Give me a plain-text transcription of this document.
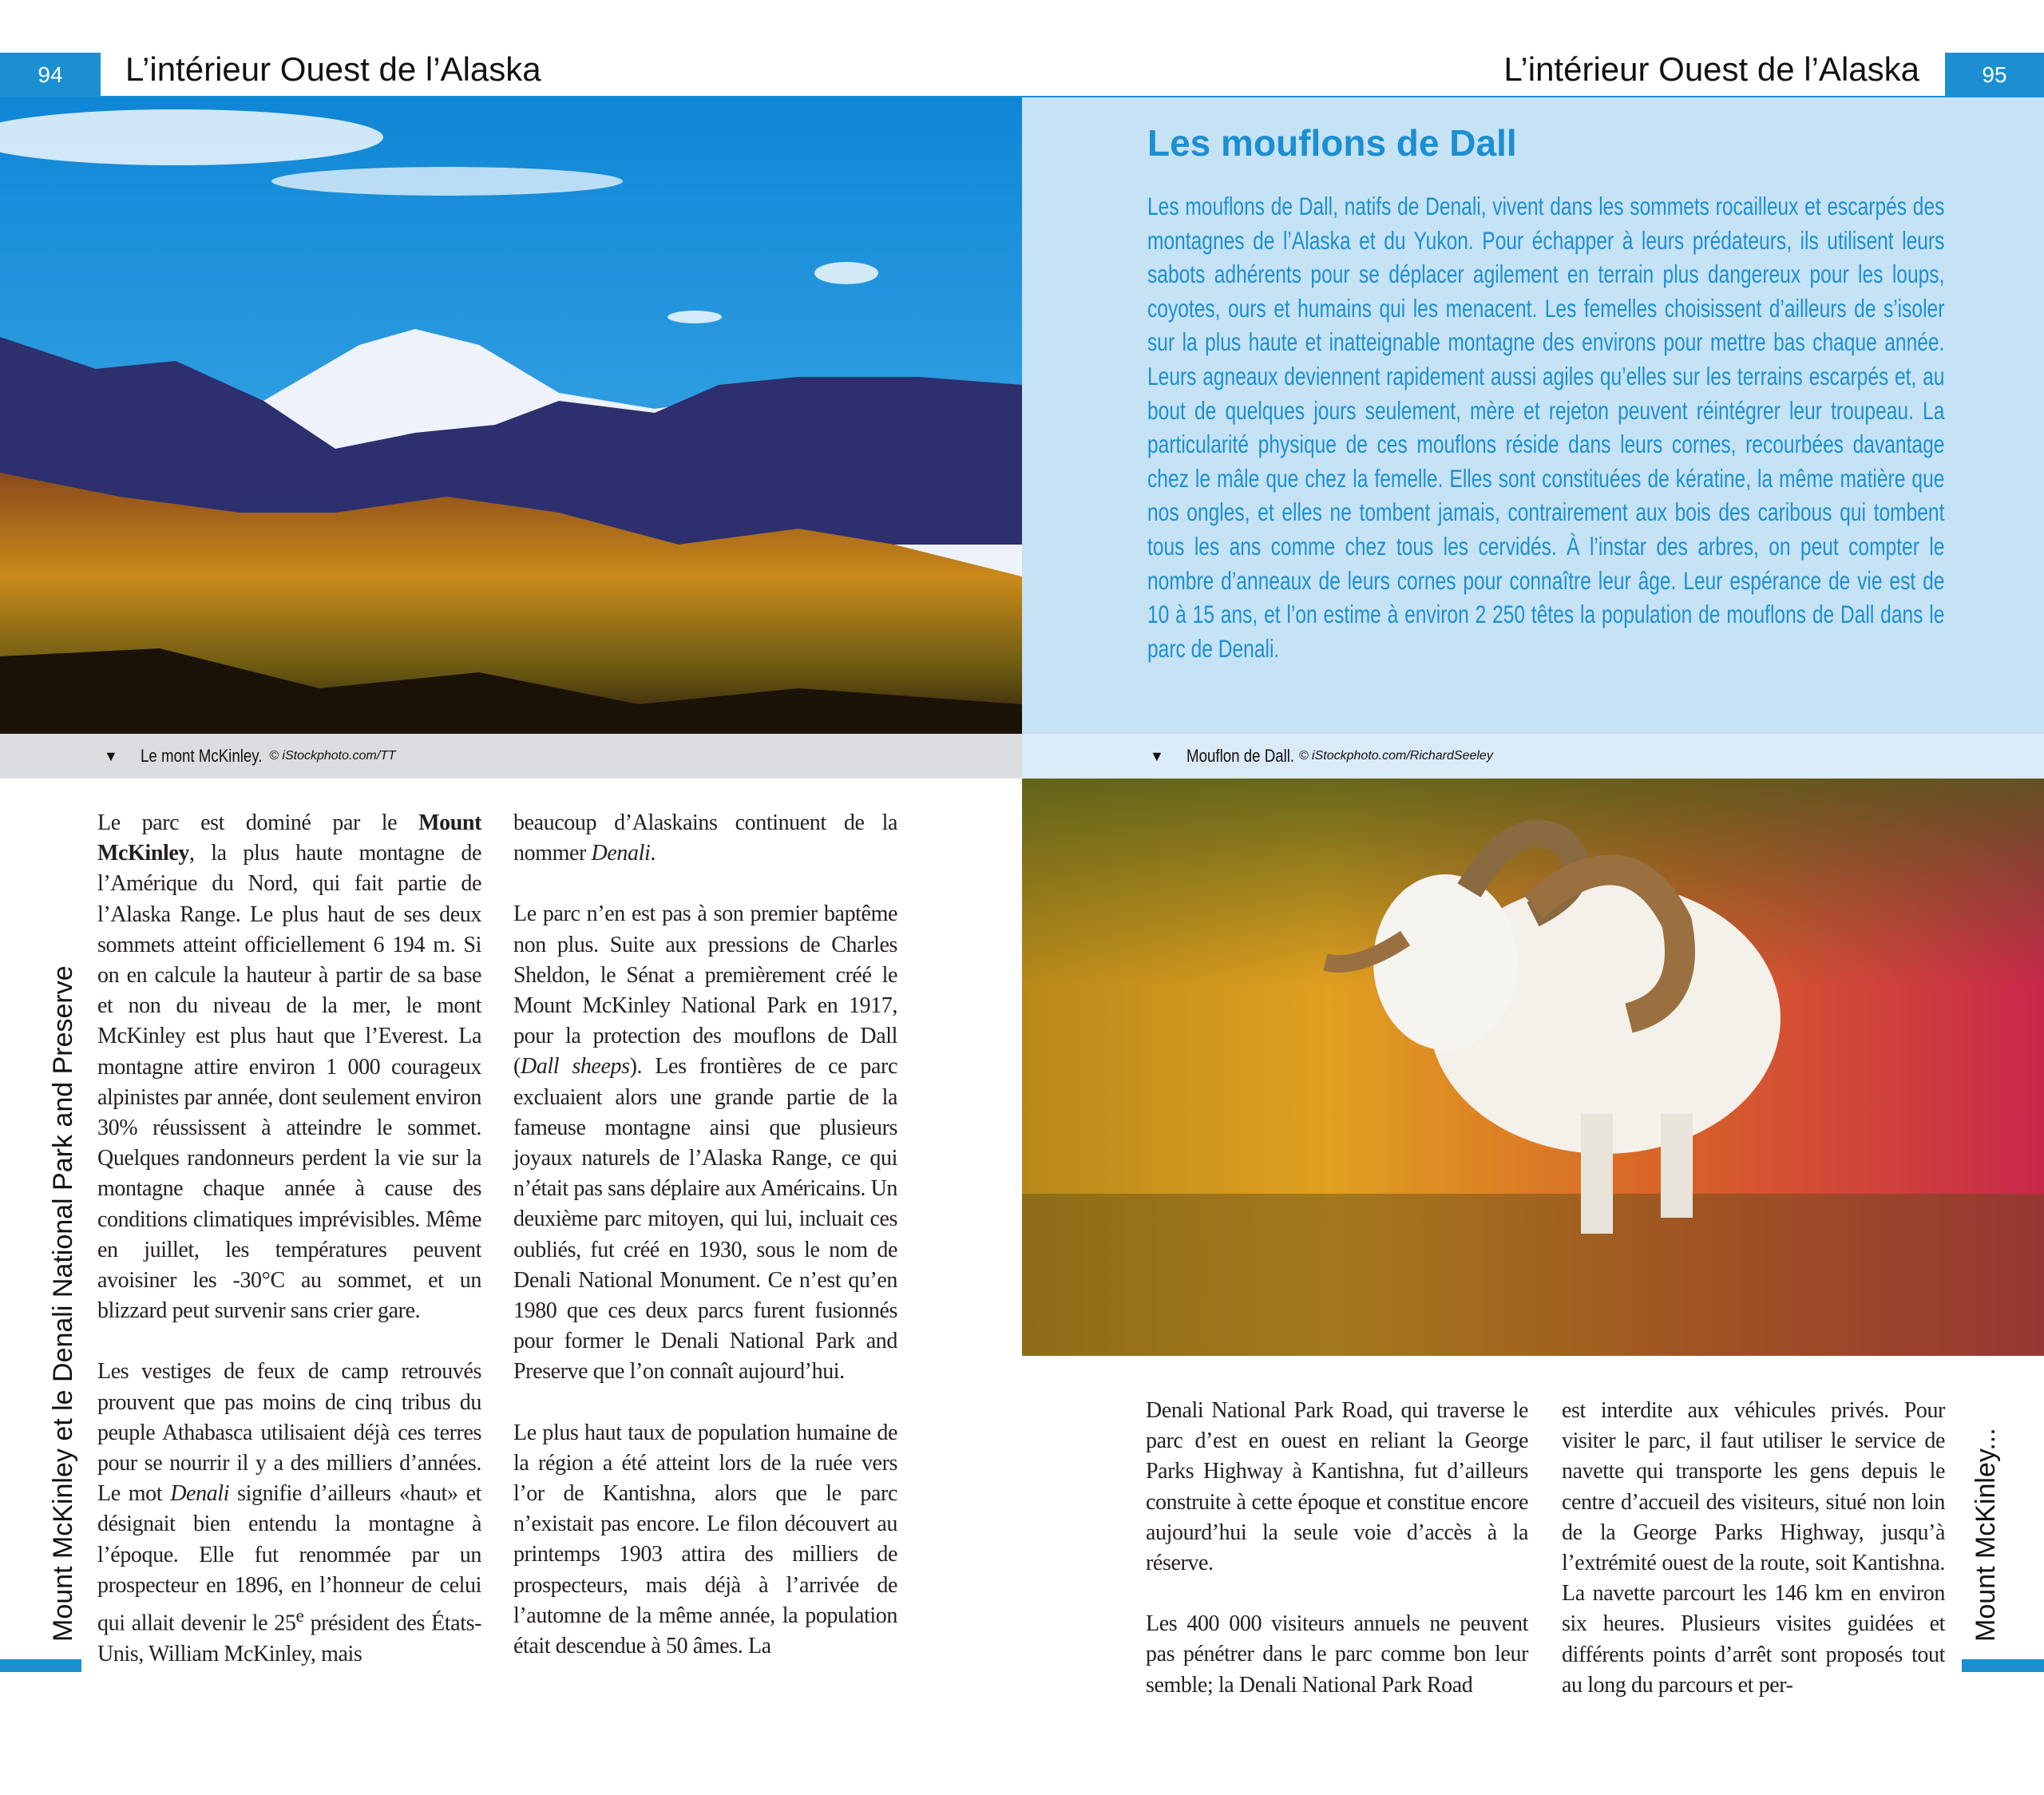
94	L’intérieur Ouest de l’Alaska	L’intérieur Ouest de l’Alaska	95
Les mouflons de Dall

Les mouflons de Dall, natifs de Denali, vivent dans les sommets rocailleux et escarpés des montagnes de l’Alaska et du Yukon. Pour échapper à leurs prédateurs, ils utilisent leurs sabots adhérents pour se déplacer agilement en terrain plus dangereux pour les loups, coyotes, ours et humains qui les menacent. Les femelles choisissent d’ailleurs de s’isoler sur la plus haute et inatteignable montagne des environs pour mettre bas chaque année. Leurs agneaux deviennent rapidement aussi agiles qu’elles sur les terrains escarpés et, au bout de quelques jours seulement, mère et rejeton peuvent réintégrer leur troupeau. La particularité physique de ces mouflons réside dans leurs cornes, recourbées davantage chez le mâle que chez la femelle. Elles sont constituées de kératine, la même matière que nos ongles, et elles ne tombent jamais, contrairement aux bois des caribous qui tombent tous les ans comme chez tous les cervidés. À l’instar des arbres, on peut compter le nombre d’anneaux de leurs cornes pour connaître leur âge. Leur espérance de vie est de 10 à 15 ans, et l’on estime à environ 2 250 têtes la population de mouflons de Dall dans le parc de Denali.

▼ Le mont McKinley. © iStockphoto.com/TT	▼ Mouflon de Dall. © iStockphoto.com/RichardSeeley
Mount McKinley et le Denali National Park and Preserve

Le parc est dominé par le Mount McKinley, la plus haute montagne de l’Amérique du Nord, qui fait partie de l’Alaska Range. Le plus haut de ses deux sommets atteint officiellement 6 194 m. Si on en calcule la hauteur à partir de sa base et non du niveau de la mer, le mont McKinley est plus haut que l’Everest. La montagne attire environ 1 000 courageux alpinistes par année, dont seulement environ 30% réussissent à atteindre le sommet. Quelques randonneurs perdent la vie sur la montagne chaque année à cause des conditions climatiques imprévisibles. Même en juillet, les températures peuvent avoisiner les -30°C au sommet, et un blizzard peut survenir sans crier gare.

Les vestiges de feux de camp retrouvés prouvent que pas moins de cinq tribus du peuple Athabasca utilisaient déjà ces terres pour se nourrir il y a des milliers d’années. Le mot Denali signifie d’ailleurs «haut» et désignait bien entendu la montagne à l’époque. Elle fut renommée par un prospecteur en 1896, en l’honneur de celui qui allait devenir le 25e président des États-Unis, William McKinley, mais

beaucoup d’Alaskains continuent de la nommer Denali.

Le parc n’en est pas à son premier baptême non plus. Suite aux pressions de Charles Sheldon, le Sénat a premièrement créé le Mount McKinley National Park en 1917, pour la protection des mouflons de Dall (Dall sheeps). Les frontières de ce parc excluaient alors une grande partie de la fameuse montagne ainsi que plusieurs joyaux naturels de l’Alaska Range, ce qui n’était pas sans déplaire aux Américains. Un deuxième parc mitoyen, qui lui, incluait ces oubliés, fut créé en 1930, sous le nom de Denali National Monument. Ce n’est qu’en 1980 que ces deux parcs furent fusionnés pour former le Denali National Park and Preserve que l’on connaît aujourd’hui.

Le plus haut taux de population humaine de la région a été atteint lors de la ruée vers l’or de Kantishna, alors que le parc n’existait pas encore. Le filon découvert au printemps 1903 attira des milliers de prospecteurs, mais déjà à l’arrivée de l’automne de la même année, la population était descendue à 50 âmes. La

Denali National Park Road, qui traverse le parc d’est en ouest en reliant la George Parks Highway à Kantishna, fut d’ailleurs construite à cette époque et constitue encore aujourd’hui la seule voie d’accès à la réserve.

Les 400 000 visiteurs annuels ne peuvent pas pénétrer dans le parc comme bon leur semble; la Denali National Park Road

est interdite aux véhicules privés. Pour visiter le parc, il faut utiliser le service de navette qui transporte les gens depuis le centre d’accueil des visiteurs, situé non loin de la George Parks Highway, jusqu’à l’extrémité ouest de la route, soit Kantishna. La navette parcourt les 146 km en environ six heures. Plusieurs visites guidées et différents points d’arrêt sont proposés tout au long du parcours et per-

Mount McKinley...
